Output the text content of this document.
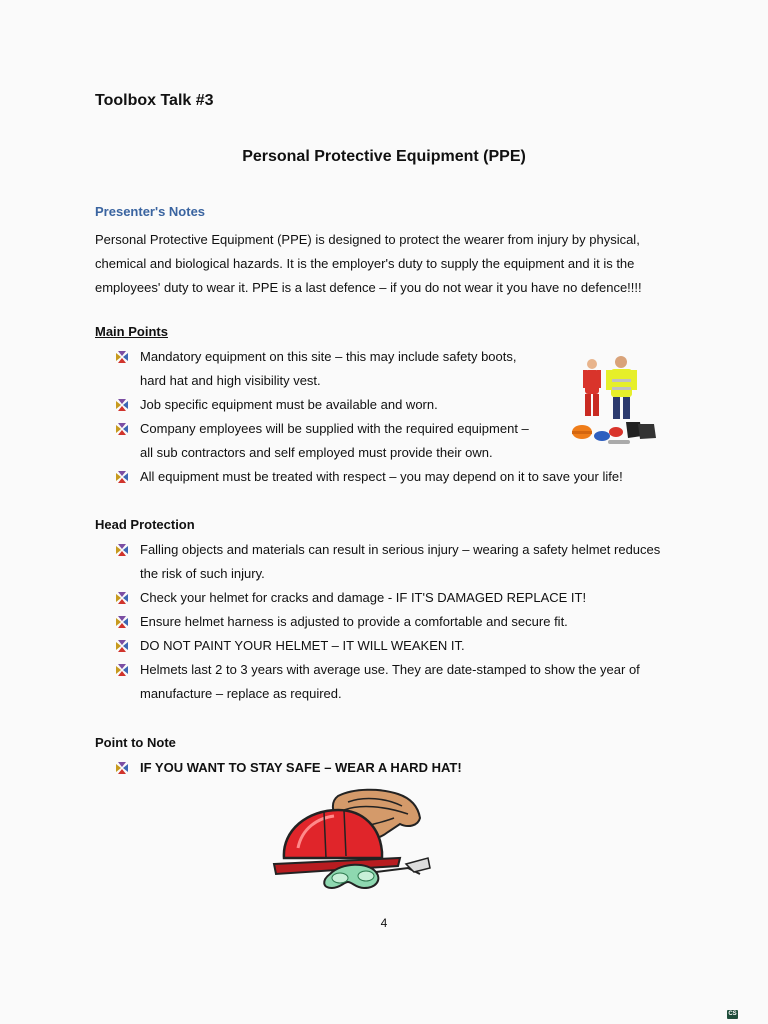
Toolbox Talk #3
Personal Protective Equipment (PPE)
Presenter's Notes

Personal Protective Equipment (PPE) is designed to protect the wearer from injury by physical, chemical and biological hazards. It is the employer's duty to supply the equipment and it is the employees' duty to wear it. PPE is a last defence – if you do not wear it you have no defence!!!!

Main Points
Mandatory equipment on this site – this may include safety boots, hard hat and high visibility vest.
Job specific equipment must be available and worn.
Company employees will be supplied with the required equipment – all sub contractors and self employed must provide their own.
All equipment must be treated with respect – you may depend on it to save your life!
Head Protection
Falling objects and materials can result in serious injury – wearing a safety helmet reduces the risk of such injury.
Check your helmet for cracks and damage - IF IT'S DAMAGED REPLACE IT!
Ensure helmet harness is adjusted to provide a comfortable and secure fit.
DO NOT PAINT YOUR HELMET – IT WILL WEAKEN IT.
Helmets last 2 to 3 years with average use. They are date-stamped to show the year of manufacture – replace as required.
Point to Note
IF YOU WANT TO STAY SAFE – WEAR A HARD HAT!
4
CS
